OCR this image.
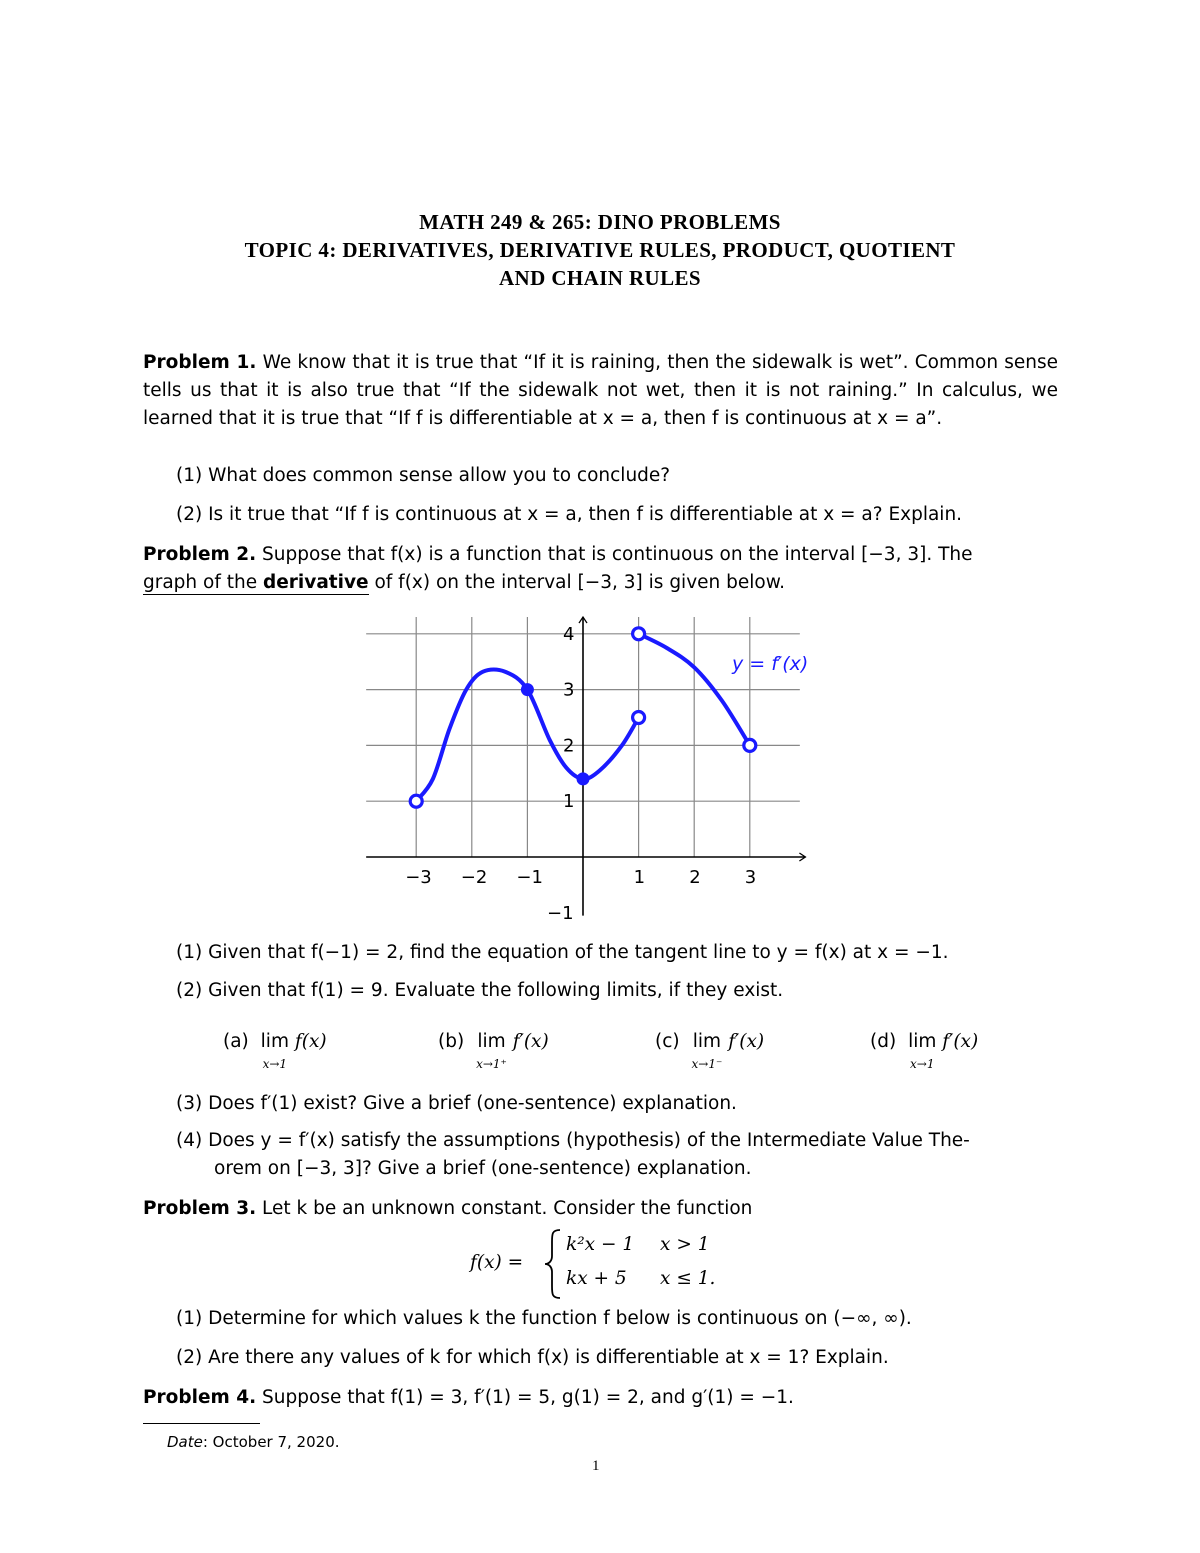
MATH 249 & 265: DINO PROBLEMS
TOPIC 4: DERIVATIVES, DERIVATIVE RULES, PRODUCT, QUOTIENT
AND CHAIN RULES
Problem 1. We know that it is true that “If it is raining, then the sidewalk is wet”. Common sense tells us that it is also true that “If the sidewalk not wet, then it is not raining.” In calculus, we learned that it is true that “If f is differentiable at x = a, then f is continuous at x = a”.
(1) What does common sense allow you to conclude?
(2) Is it true that “If f is continuous at x = a, then f is differentiable at x = a? Explain.
Problem 2. Suppose that f(x) is a function that is continuous on the interval [−3, 3]. The
graph of the derivative of f(x) on the interval [−3, 3] is given below.
−3 −2 −1	1 2 3
4
3
2
1
−1
y = f′(x)
(1) Given that f(−1) = 2, find the equation of the tangent line to y = f(x) at x = −1.
(2) Given that f(1) = 9. Evaluate the following limits, if they exist.
(a) lim
x→1 f(x)	(b) lim
x→1⁺ f′(x)	(c) lim
x→1⁻ f′(x)	(d) lim
x→1 f′(x)
(3) Does f′(1) exist? Give a brief (one-sentence) explanation.
(4) Does y = f′(x) satisfy the assumptions (hypothesis) of the Intermediate Value The-
orem on [−3, 3]? Give a brief (one-sentence) explanation.
Problem 3. Let k be an unknown constant. Consider the function
f(x) =
k²x − 1 x > 1
kx + 5 x ≤ 1.
(1) Determine for which values k the function f below is continuous on (−∞, ∞).
(2) Are there any values of k for which f(x) is differentiable at x = 1? Explain.
Problem 4. Suppose that f(1) = 3, f′(1) = 5, g(1) = 2, and g′(1) = −1.
Date: October 7, 2020.
1
